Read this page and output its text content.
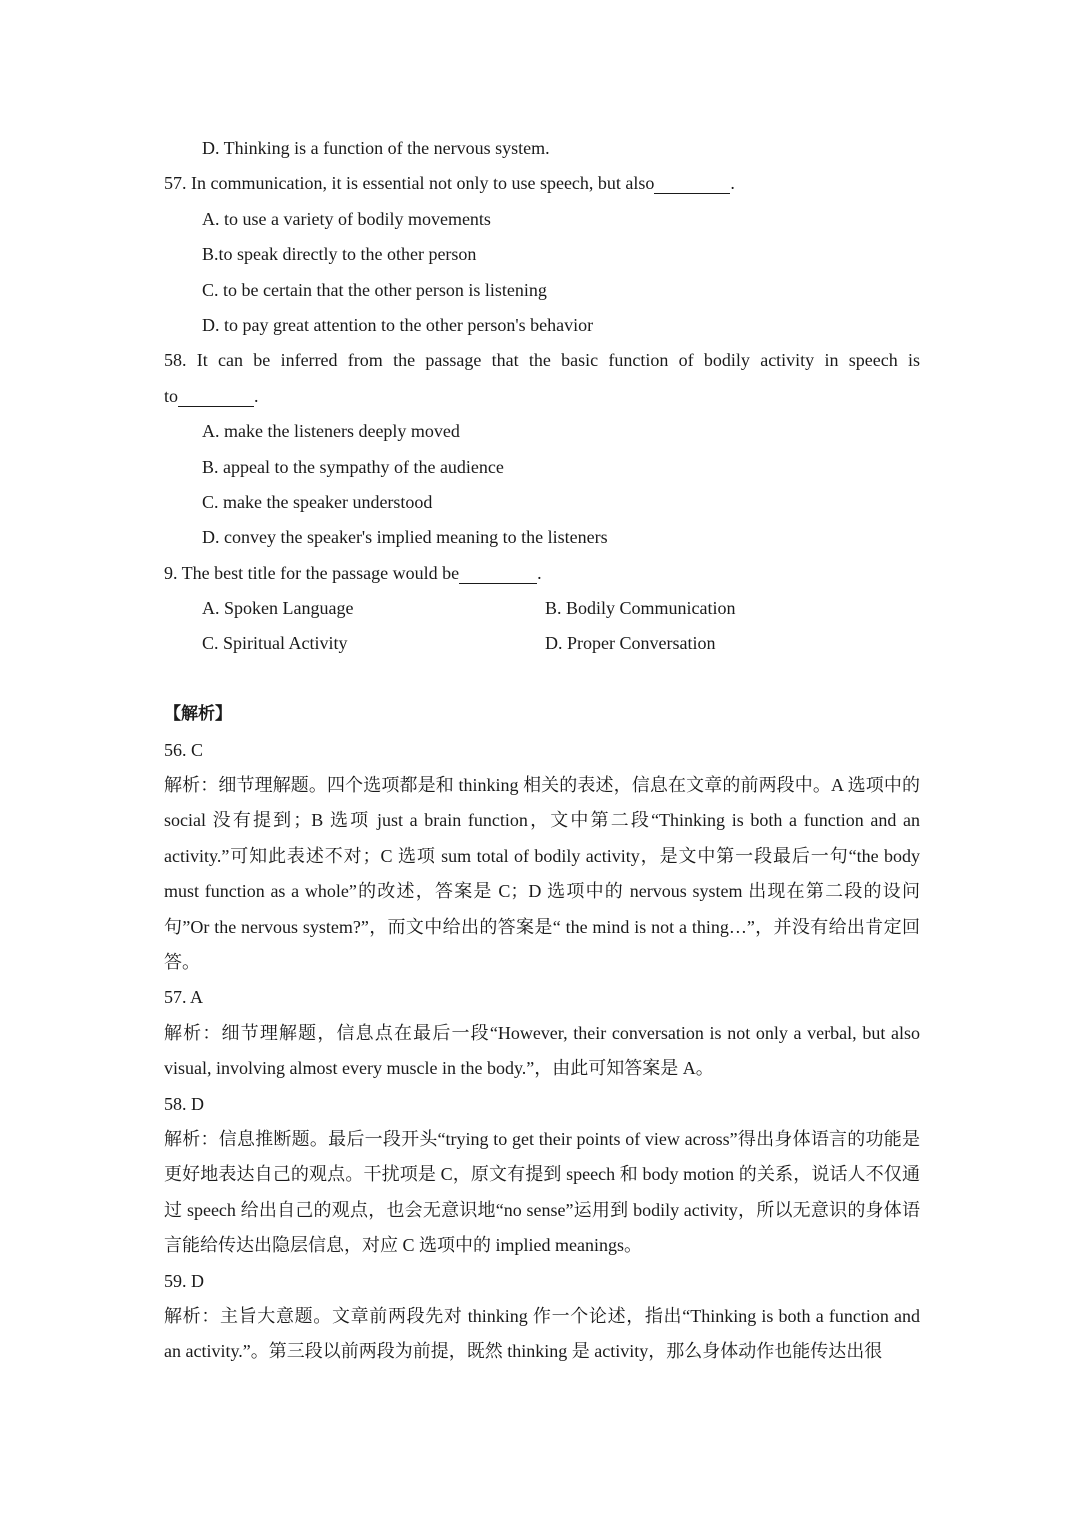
D. Thinking is a function of the nervous system.
57. In communication, it is essential not only to use speech, but also	.
A. to use a variety of bodily movements
B.to speak directly to the other person
C. to be certain that the other person is listening
D. to pay great attention to the other person's behavior
58. It can be inferred from the passage that the basic function of bodily activity in speech is
to	.
A. make the listeners deeply moved
B. appeal to the sympathy of the audience
C. make the speaker understood
D. convey the speaker's implied meaning to the listeners
9. The best title for the passage would be	.
A. Spoken Language	B. Bodily Communication
C. Spiritual Activity	D. Proper Conversation
【解析】
56. C
解析：细节理解题。四个选项都是和 thinking 相关的表述，信息在文章的前两段中。A 选项中的 social 没有提到；B 选项 just a brain function，文中第二段“Thinking is both a function and an activity.”可知此表述不对；C 选项 sum total of bodily activity，是文中第一段最后一句“the body must function as a whole”的改述，答案是 C；D 选项中的 nervous system 出现在第二段的设问句”Or the nervous system?”，而文中给出的答案是“ the mind is not a thing…”，并没有给出肯定回答。
57. A
解析：细节理解题，信息点在最后一段“However, their conversation is not only a verbal, but also visual, involving almost every muscle in the body.”，由此可知答案是 A。
58. D
解析：信息推断题。最后一段开头“trying to get their points of view across”得出身体语言的功能是更好地表达自己的观点。干扰项是 C，原文有提到 speech 和 body motion 的关系，说话人不仅通过 speech 给出自己的观点，也会无意识地“no sense”运用到 bodily activity，所以无意识的身体语言能给传达出隐层信息，对应 C 选项中的 implied meanings。
59. D
解析：主旨大意题。文章前两段先对 thinking 作一个论述，指出“Thinking is both a function and an activity.”。第三段以前两段为前提，既然 thinking 是 activity，那么身体动作也能传达出很
